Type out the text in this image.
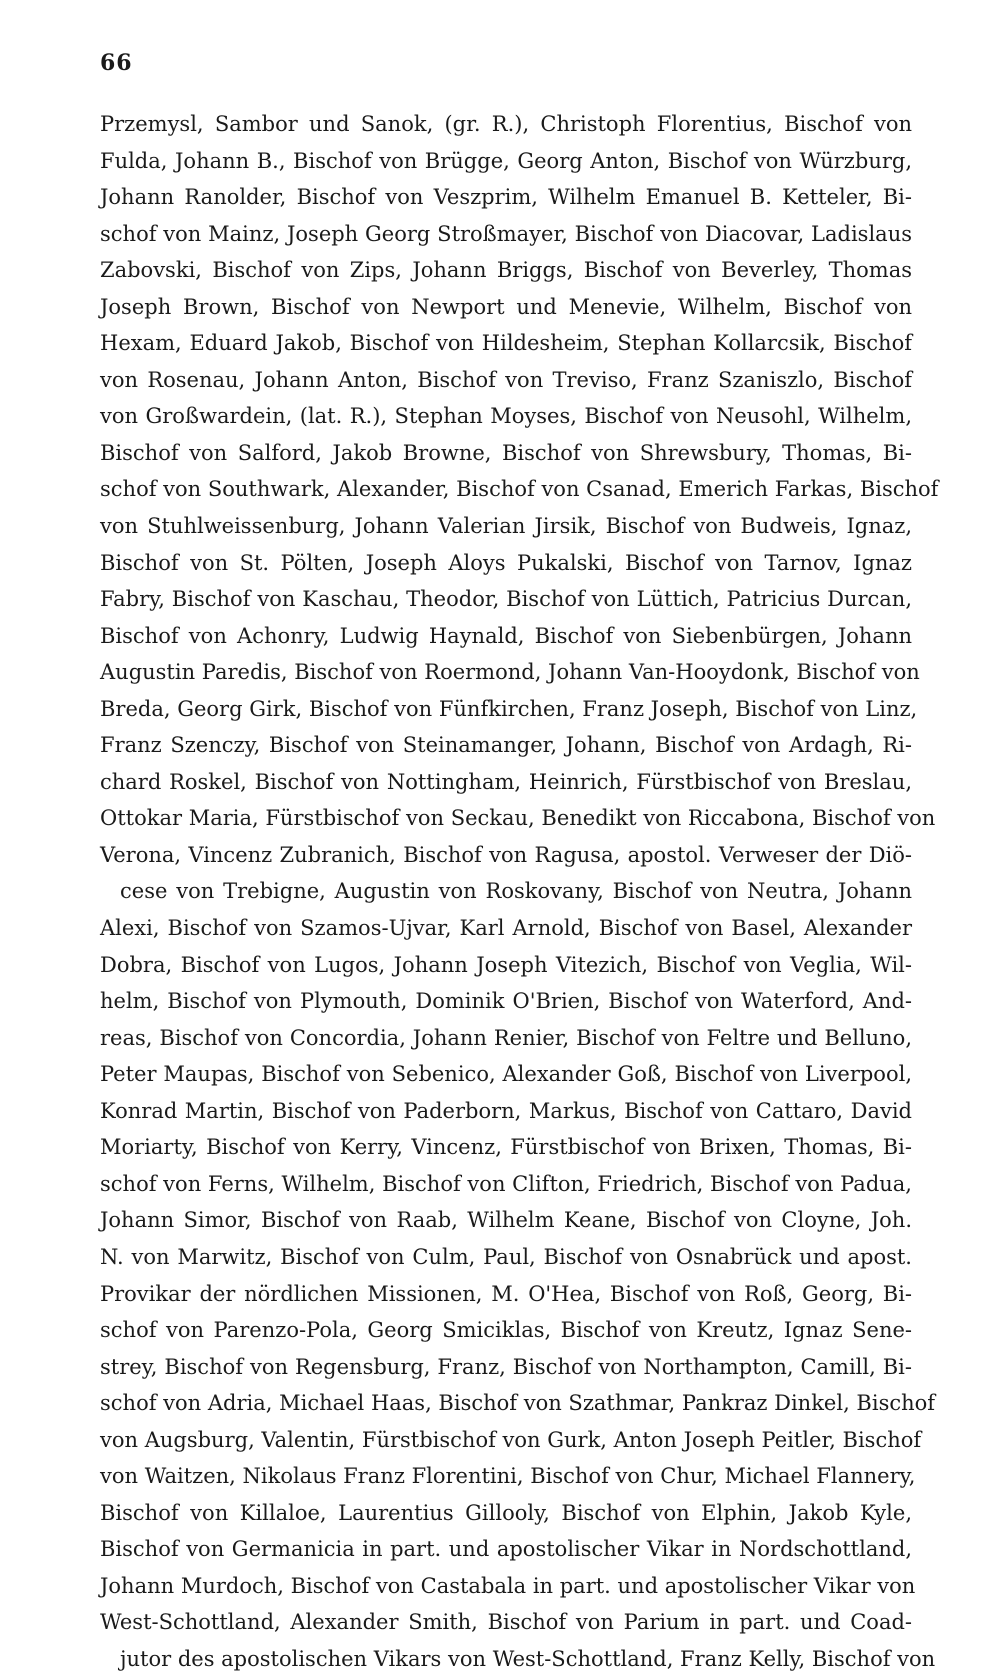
66
Przemysl, Sambor und Sanok, (gr. R.), Christoph Florentius, Bischof von
Fulda, Johann B., Bischof von Brügge, Georg Anton, Bischof von Würzburg,
Johann Ranolder, Bischof von Veszprim, Wilhelm Emanuel B. Ketteler, Bi-
schof von Mainz, Joseph Georg Stroßmayer, Bischof von Diacovar, Ladislaus
Zabovski, Bischof von Zips, Johann Briggs, Bischof von Beverley, Thomas
Joseph Brown, Bischof von Newport und Menevie, Wilhelm, Bischof von
Hexam, Eduard Jakob, Bischof von Hildesheim, Stephan Kollarcsik, Bischof
von Rosenau, Johann Anton, Bischof von Treviso, Franz Szaniszlo, Bischof
von Großwardein, (lat. R.), Stephan Moyses, Bischof von Neusohl, Wilhelm,
Bischof von Salford, Jakob Browne, Bischof von Shrewsbury, Thomas, Bi-
schof von Southwark, Alexander, Bischof von Csanad, Emerich Farkas, Bischof
von Stuhlweissenburg, Johann Valerian Jirsik, Bischof von Budweis, Ignaz,
Bischof von St. Pölten, Joseph Aloys Pukalski, Bischof von Tarnov, Ignaz
Fabry, Bischof von Kaschau, Theodor, Bischof von Lüttich, Patricius Durcan,
Bischof von Achonry, Ludwig Haynald, Bischof von Siebenbürgen, Johann
Augustin Paredis, Bischof von Roermond, Johann Van-Hooydonk, Bischof von
Breda, Georg Girk, Bischof von Fünfkirchen, Franz Joseph, Bischof von Linz,
Franz Szenczy, Bischof von Steinamanger, Johann, Bischof von Ardagh, Ri-
chard Roskel, Bischof von Nottingham, Heinrich, Fürstbischof von Breslau,
Ottokar Maria, Fürstbischof von Seckau, Benedikt von Riccabona, Bischof von
Verona, Vincenz Zubranich, Bischof von Ragusa, apostol. Verweser der Diö-
cese von Trebigne, Augustin von Roskovany, Bischof von Neutra, Johann
Alexi, Bischof von Szamos-Ujvar, Karl Arnold, Bischof von Basel, Alexander
Dobra, Bischof von Lugos, Johann Joseph Vitezich, Bischof von Veglia, Wil-
helm, Bischof von Plymouth, Dominik O'Brien, Bischof von Waterford, And-
reas, Bischof von Concordia, Johann Renier, Bischof von Feltre und Belluno,
Peter Maupas, Bischof von Sebenico, Alexander Goß, Bischof von Liverpool,
Konrad Martin, Bischof von Paderborn, Markus, Bischof von Cattaro, David
Moriarty, Bischof von Kerry, Vincenz, Fürstbischof von Brixen, Thomas, Bi-
schof von Ferns, Wilhelm, Bischof von Clifton, Friedrich, Bischof von Padua,
Johann Simor, Bischof von Raab, Wilhelm Keane, Bischof von Cloyne, Joh.
N. von Marwitz, Bischof von Culm, Paul, Bischof von Osnabrück und apost.
Provikar der nördlichen Missionen, M. O'Hea, Bischof von Roß, Georg, Bi-
schof von Parenzo-Pola, Georg Smiciklas, Bischof von Kreutz, Ignaz Sene-
strey, Bischof von Regensburg, Franz, Bischof von Northampton, Camill, Bi-
schof von Adria, Michael Haas, Bischof von Szathmar, Pankraz Dinkel, Bischof
von Augsburg, Valentin, Fürstbischof von Gurk, Anton Joseph Peitler, Bischof
von Waitzen, Nikolaus Franz Florentini, Bischof von Chur, Michael Flannery,
Bischof von Killaloe, Laurentius Gillooly, Bischof von Elphin, Jakob Kyle,
Bischof von Germanicia in part. und apostolischer Vikar in Nordschottland,
Johann Murdoch, Bischof von Castabala in part. und apostolischer Vikar von
West-Schottland, Alexander Smith, Bischof von Parium in part. und Coad-
jutor des apostolischen Vikars von West-Schottland, Franz Kelly, Bischof von
